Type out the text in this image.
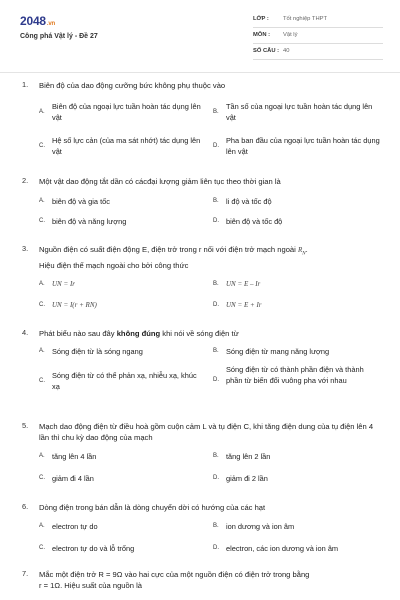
2048.vn
Công phá Vật lý - Đề 27
LỚP : Tốt nghiệp THPT
MÔN : Vật lý
SỐ CÂU : 40
1. Biên độ của dao động cưỡng bức không phụ thuộc vào
A.
Biên độ của ngoại lực tuần hoàn tác dụng lên vật
B.
Tần số của ngoại lực tuần hoàn tác dụng lên vật
C.
Hệ số lực cản (của ma sát nhớt) tác dụng lên vật
D.
Pha ban đầu của ngoại lực tuần hoàn tác dụng lên vật
2. Một vật dao động tắt dần có cácđại lượng giảm liên tục theo thời gian là
A. biên độ và gia tốc	B. li độ và tốc độ
C. biên độ và năng lượng	D. biên độ và tốc độ
3. Nguồn điện có suất điện động E, điện trở trong r nối với điện trở mạch ngoài $R_N$.
Hiệu điện thế mạch ngoài cho bởi công thức
A. UN = Ir	B. UN = E – Ir
C. UN = I(r + RN)	D. UN = E + Ir
4. Phát biểu nào sau đây không đúng khi nói về sóng điện từ
A. Sóng điện từ là sóng ngang	B. Sóng điện từ mang năng lượng
C.
Sóng điện từ có thể phản xạ, nhiễu xạ, khúc xạ
D.
Sóng điện từ có thành phần điện và thành phần từ biến đổi vuông pha với nhau
5. Mạch dao động điện từ điều hoà gồm cuộn cảm L và tụ điện C, khi tăng điện dung của tụ điện lên 4 lần thì chu kỳ dao động của mạch
A. tăng lên 4 lần	B. tăng lên 2 lần
C. giảm đi 4 lần	D. giảm đi 2 lần
6. Dòng điện trong bán dẫn là dòng chuyển dời có hướng của các hạt
A. electron tự do	B. ion dương và ion âm
C. electron tự do và lỗ trống	D. electron, các ion dương và ion âm
7. Mắc một điện trở R = 9Ω vào hai cực của một nguồn điện có điện trở trong bằng
r = 1Ω. Hiệu suất của nguồn là
